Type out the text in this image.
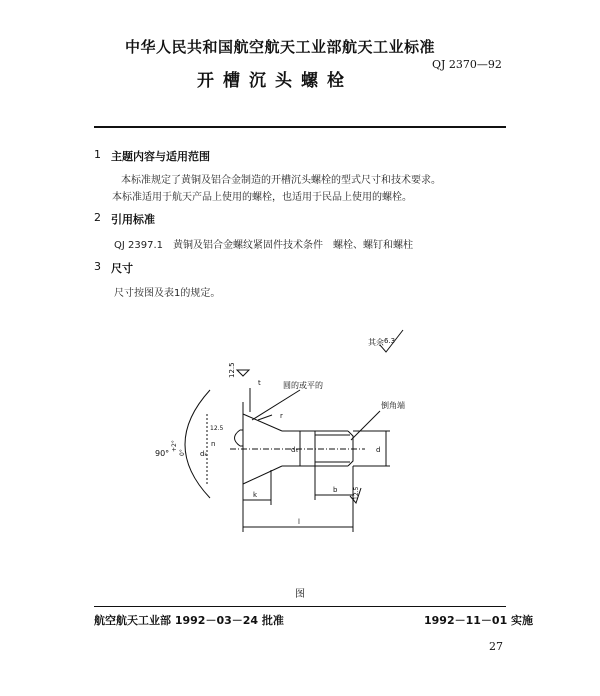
中华人民共和国航空航天工业部航天工业标准
QJ 2370—92
开槽沉头螺栓
1 主题内容与适用范围
本标准规定了黄铜及铝合金制造的开槽沉头螺栓的型式尺寸和技术要求。
本标准适用于航天产品上使用的螺栓，也适用于民品上使用的螺栓。
2 引用标准
QJ 2397.1　黄铜及铝合金螺纹紧固件技术条件　螺栓、螺钉和螺柱
3 尺寸
尺寸按图及表1的规定。
其余 6.3
12.5
90°
+2°
0°
圆的或平的
倒角端
dₖ
n
12.5
dₛ	d
t
r
k
b	12.5
l
图
航空航天工业部 1992－03－24 批准	1992－11－01 实施
27
